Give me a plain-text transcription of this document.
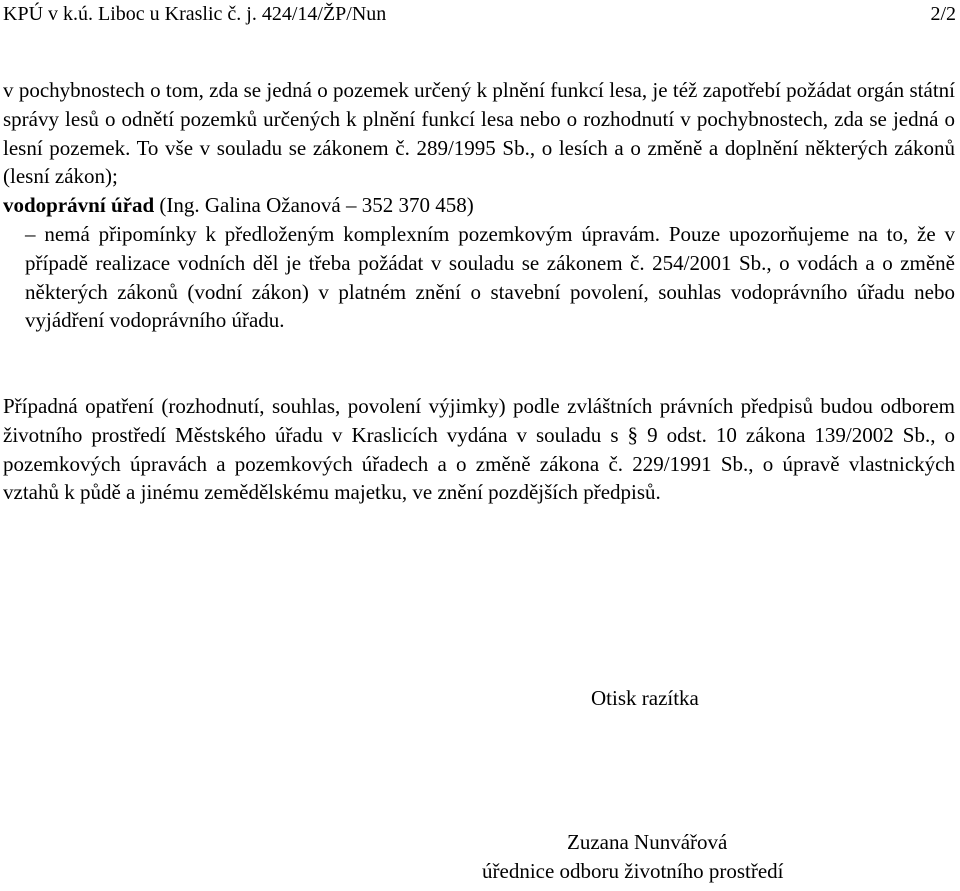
KPÚ v k.ú. Liboc u Kraslic č. j. 424/14/ŽP/Nun	2/2
v pochybnostech o tom, zda se jedná o pozemek určený k plnění funkcí lesa, je též zapotřebí požádat orgán státní správy lesů o odnětí pozemků určených k plnění funkcí lesa nebo o rozhodnutí v pochybnostech, zda se jedná o lesní pozemek. To vše v souladu se zákonem č. 289/1995 Sb., o lesích a o změně a doplnění některých zákonů (lesní zákon);
vodoprávní úřad (Ing. Galina Ožanová – 352 370 458)
– nemá připomínky k předloženým komplexním pozemkovým úpravám. Pouze upozorňujeme na to, že v případě realizace vodních děl je třeba požádat v souladu se zákonem č. 254/2001 Sb., o vodách a o změně některých zákonů (vodní zákon) v platném znění o stavební povolení, souhlas vodoprávního úřadu nebo vyjádření vodoprávního úřadu.
Případná opatření (rozhodnutí, souhlas, povolení výjimky) podle zvláštních právních předpisů budou odborem životního prostředí Městského úřadu v Kraslicích vydána v souladu s § 9 odst. 10 zákona 139/2002 Sb., o pozemkových úpravách a pozemkových úřadech a o změně zákona č. 229/1991 Sb., o úpravě vlastnických vztahů k půdě a jinému zemědělskému majetku, ve znění pozdějších předpisů.
Otisk razítka
Zuzana Nunvářová
úřednice odboru životního prostředí
